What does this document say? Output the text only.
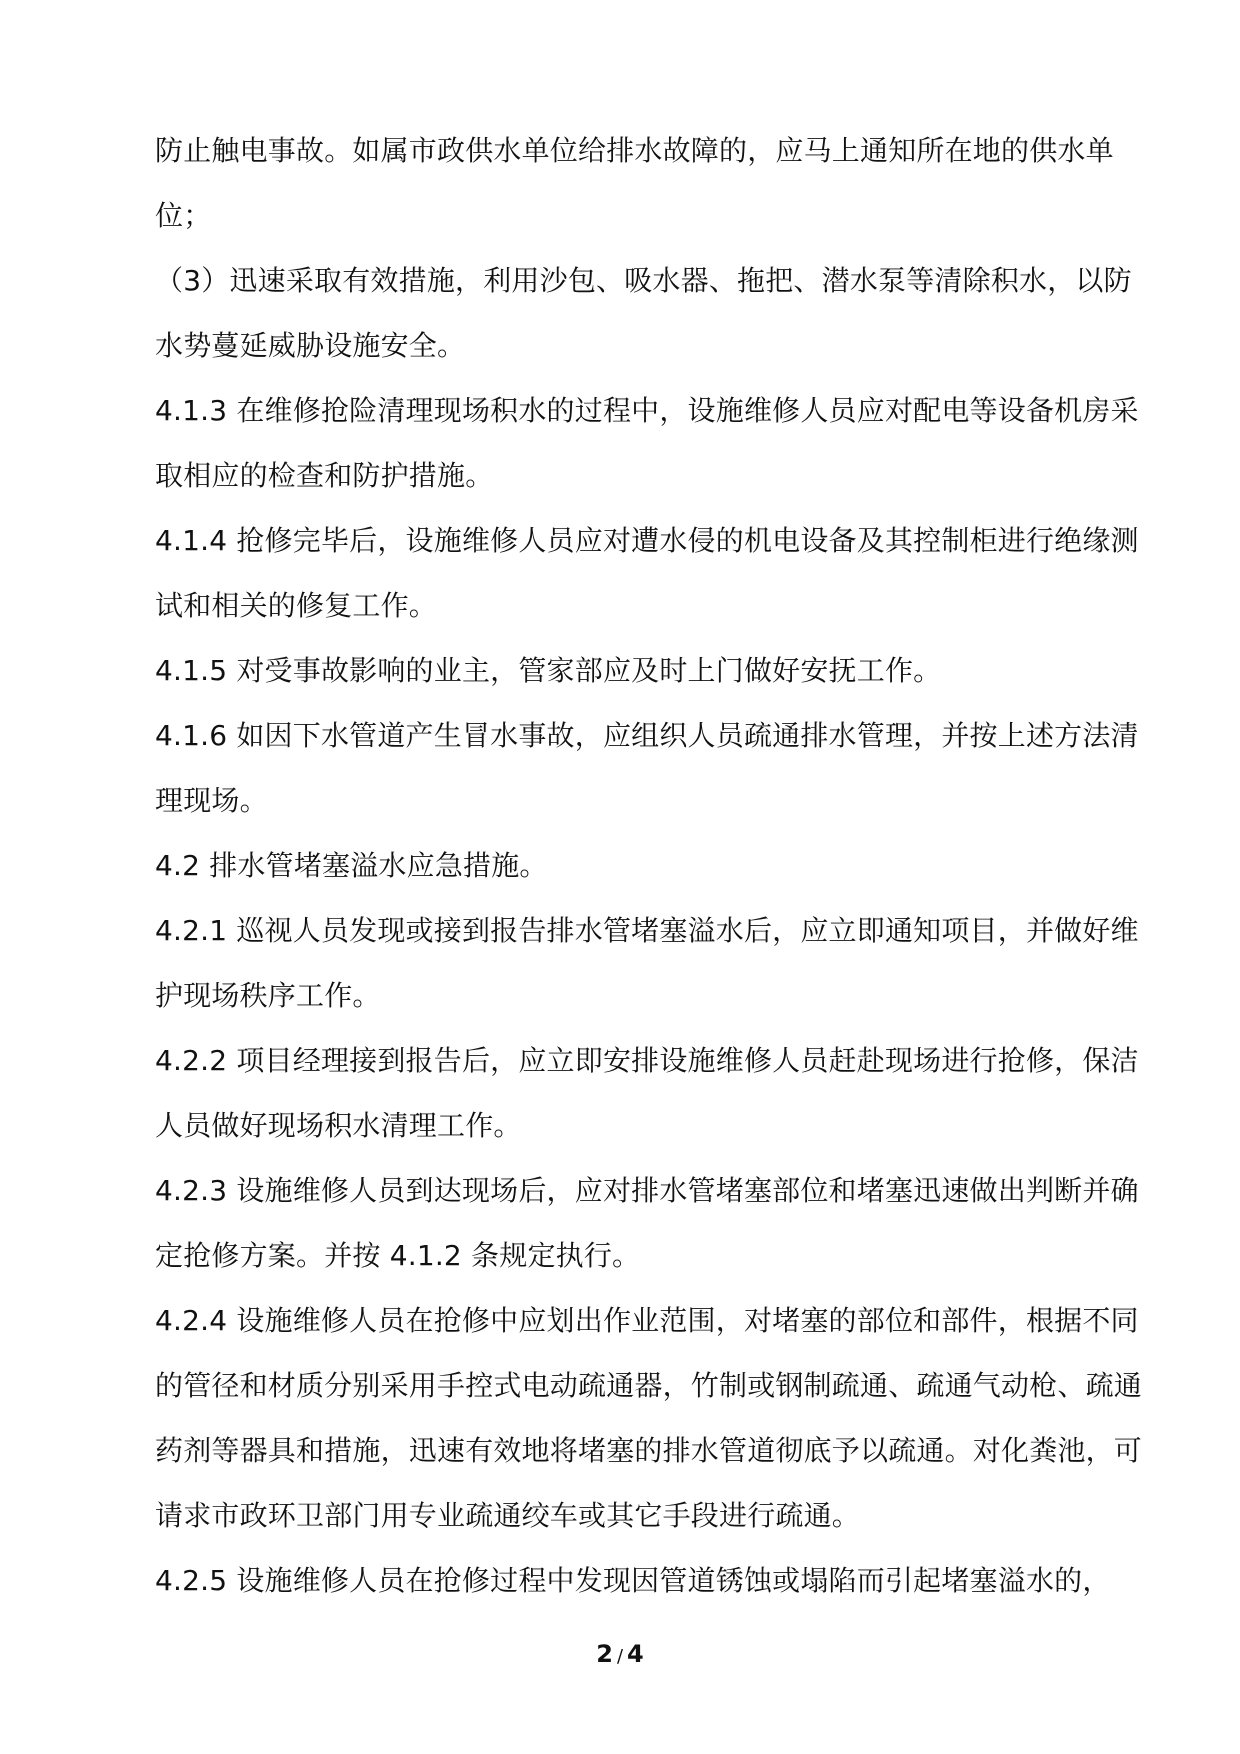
防止触电事故。如属市政供水单位给排水故障的，应马上通知所在地的供水单位；

（3）迅速采取有效措施，利用沙包、吸水器、拖把、潜水泵等清除积水，以防水势蔓延威胁设施安全。

4.1.3 在维修抢险清理现场积水的过程中，设施维修人员应对配电等设备机房采取相应的检查和防护措施。

4.1.4 抢修完毕后，设施维修人员应对遭水侵的机电设备及其控制柜进行绝缘测试和相关的修复工作。

4.1.5 对受事故影响的业主，管家部应及时上门做好安抚工作。

4.1.6 如因下水管道产生冒水事故，应组织人员疏通排水管理，并按上述方法清理现场。

4.2 排水管堵塞溢水应急措施。

4.2.1 巡视人员发现或接到报告排水管堵塞溢水后，应立即通知项目，并做好维护现场秩序工作。

4.2.2 项目经理接到报告后，应立即安排设施维修人员赶赴现场进行抢修，保洁人员做好现场积水清理工作。

4.2.3 设施维修人员到达现场后，应对排水管堵塞部位和堵塞迅速做出判断并确定抢修方案。并按 4.1.2 条规定执行。

4.2.4 设施维修人员在抢修中应划出作业范围，对堵塞的部位和部件，根据不同的管径和材质分别采用手控式电动疏通器，竹制或钢制疏通、疏通气动枪、疏通药剂等器具和措施，迅速有效地将堵塞的排水管道彻底予以疏通。对化粪池，可请求市政环卫部门用专业疏通绞车或其它手段进行疏通。

4.2.5 设施维修人员在抢修过程中发现因管道锈蚀或塌陷而引起堵塞溢水的，

2 / 4
